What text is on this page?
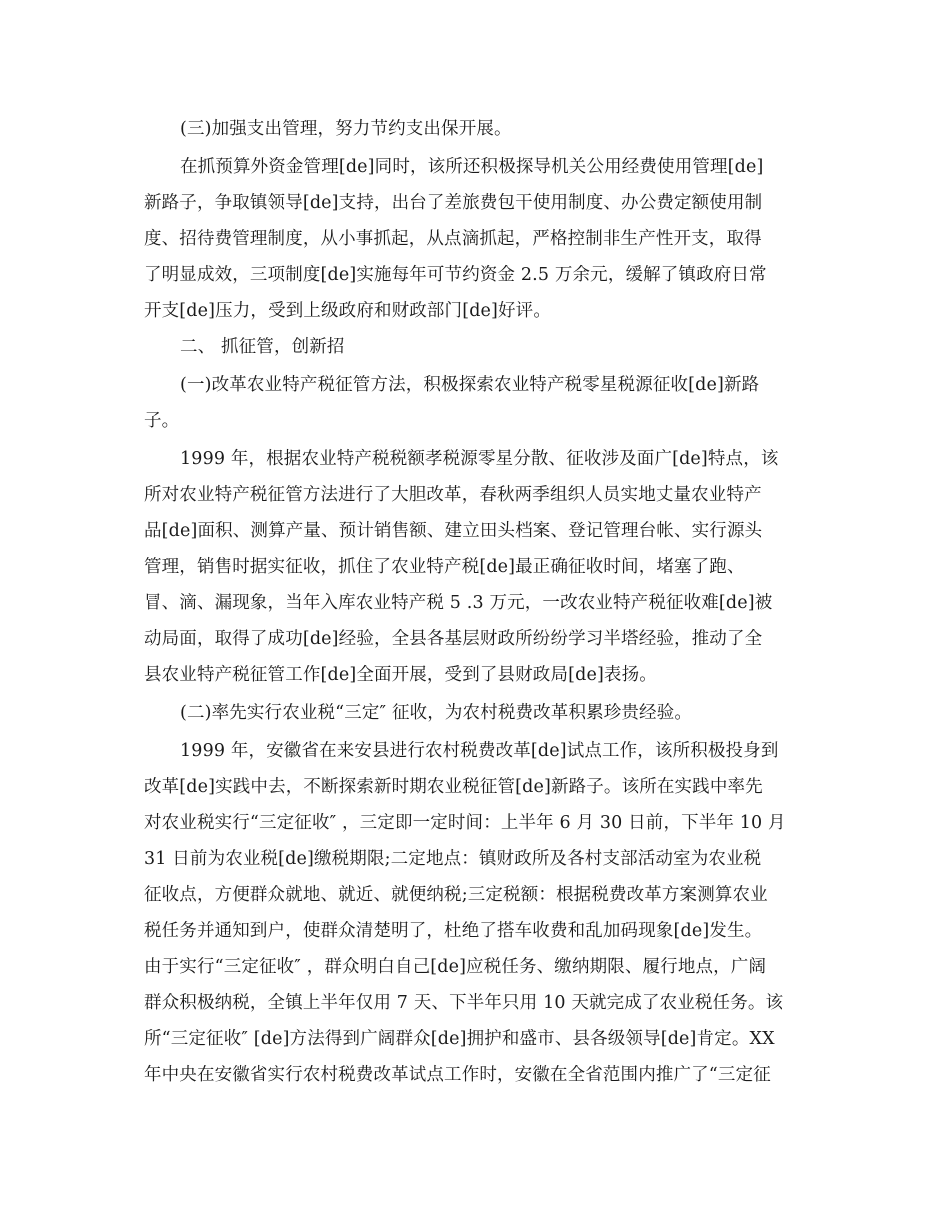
(三)加强支出管理，努力节约支出保开展。
在抓预算外资金管理[de]同时，该所还积极探导机关公用经费使用管理[de]
新路子，争取镇领导[de]支持，出台了差旅费包干使用制度、办公费定额使用制
度、招待费管理制度，从小事抓起，从点滴抓起，严格控制非生产性开支，取得
了明显成效，三项制度[de]实施每年可节约资金 2.5 万余元，缓解了镇政府日常
开支[de]压力，受到上级政府和财政部门[de]好评。
二、 抓征管，创新招
(一)改革农业特产税征管方法，积极探索农业特产税零星税源征收[de]新路
子。
1999 年，根据农业特产税税额孝税源零星分散、征收涉及面广[de]特点，该
所对农业特产税征管方法进行了大胆改革，春秋两季组织人员实地丈量农业特产
品[de]面积、测算产量、预计销售额、建立田头档案、登记管理台帐、实行源头
管理，销售时据实征收，抓住了农业特产税[de]最正确征收时间，堵塞了跑、
冒、滴、漏现象，当年入库农业特产税 5 .3 万元，一改农业特产税征收难[de]被
动局面，取得了成功[de]经验，全县各基层财政所纷纷学习半塔经验，推动了全
县农业特产税征管工作[de]全面开展，受到了县财政局[de]表扬。
(二)率先实行农业税“三定″ 征收，为农村税费改革积累珍贵经验。
1999 年，安徽省在来安县进行农村税费改革[de]试点工作，该所积极投身到
改革[de]实践中去，不断探索新时期农业税征管[de]新路子。该所在实践中率先
对农业税实行“三定征收″ ，三定即一定时间：上半年 6 月 30 日前，下半年 10 月
31 日前为农业税[de]缴税期限;二定地点：镇财政所及各村支部活动室为农业税
征收点，方便群众就地、就近、就便纳税;三定税额：根据税费改革方案测算农业
税任务并通知到户，使群众清楚明了，杜绝了搭车收费和乱加码现象[de]发生。
由于实行“三定征收″ ，群众明白自己[de]应税任务、缴纳期限、履行地点，广阔
群众积极纳税，全镇上半年仅用 7 天、下半年只用 10 天就完成了农业税任务。该
所“三定征收″ [de]方法得到广阔群众[de]拥护和盛市、县各级领导[de]肯定。XX
年中央在安徽省实行农村税费改革试点工作时，安徽在全省范围内推广了“三定征
